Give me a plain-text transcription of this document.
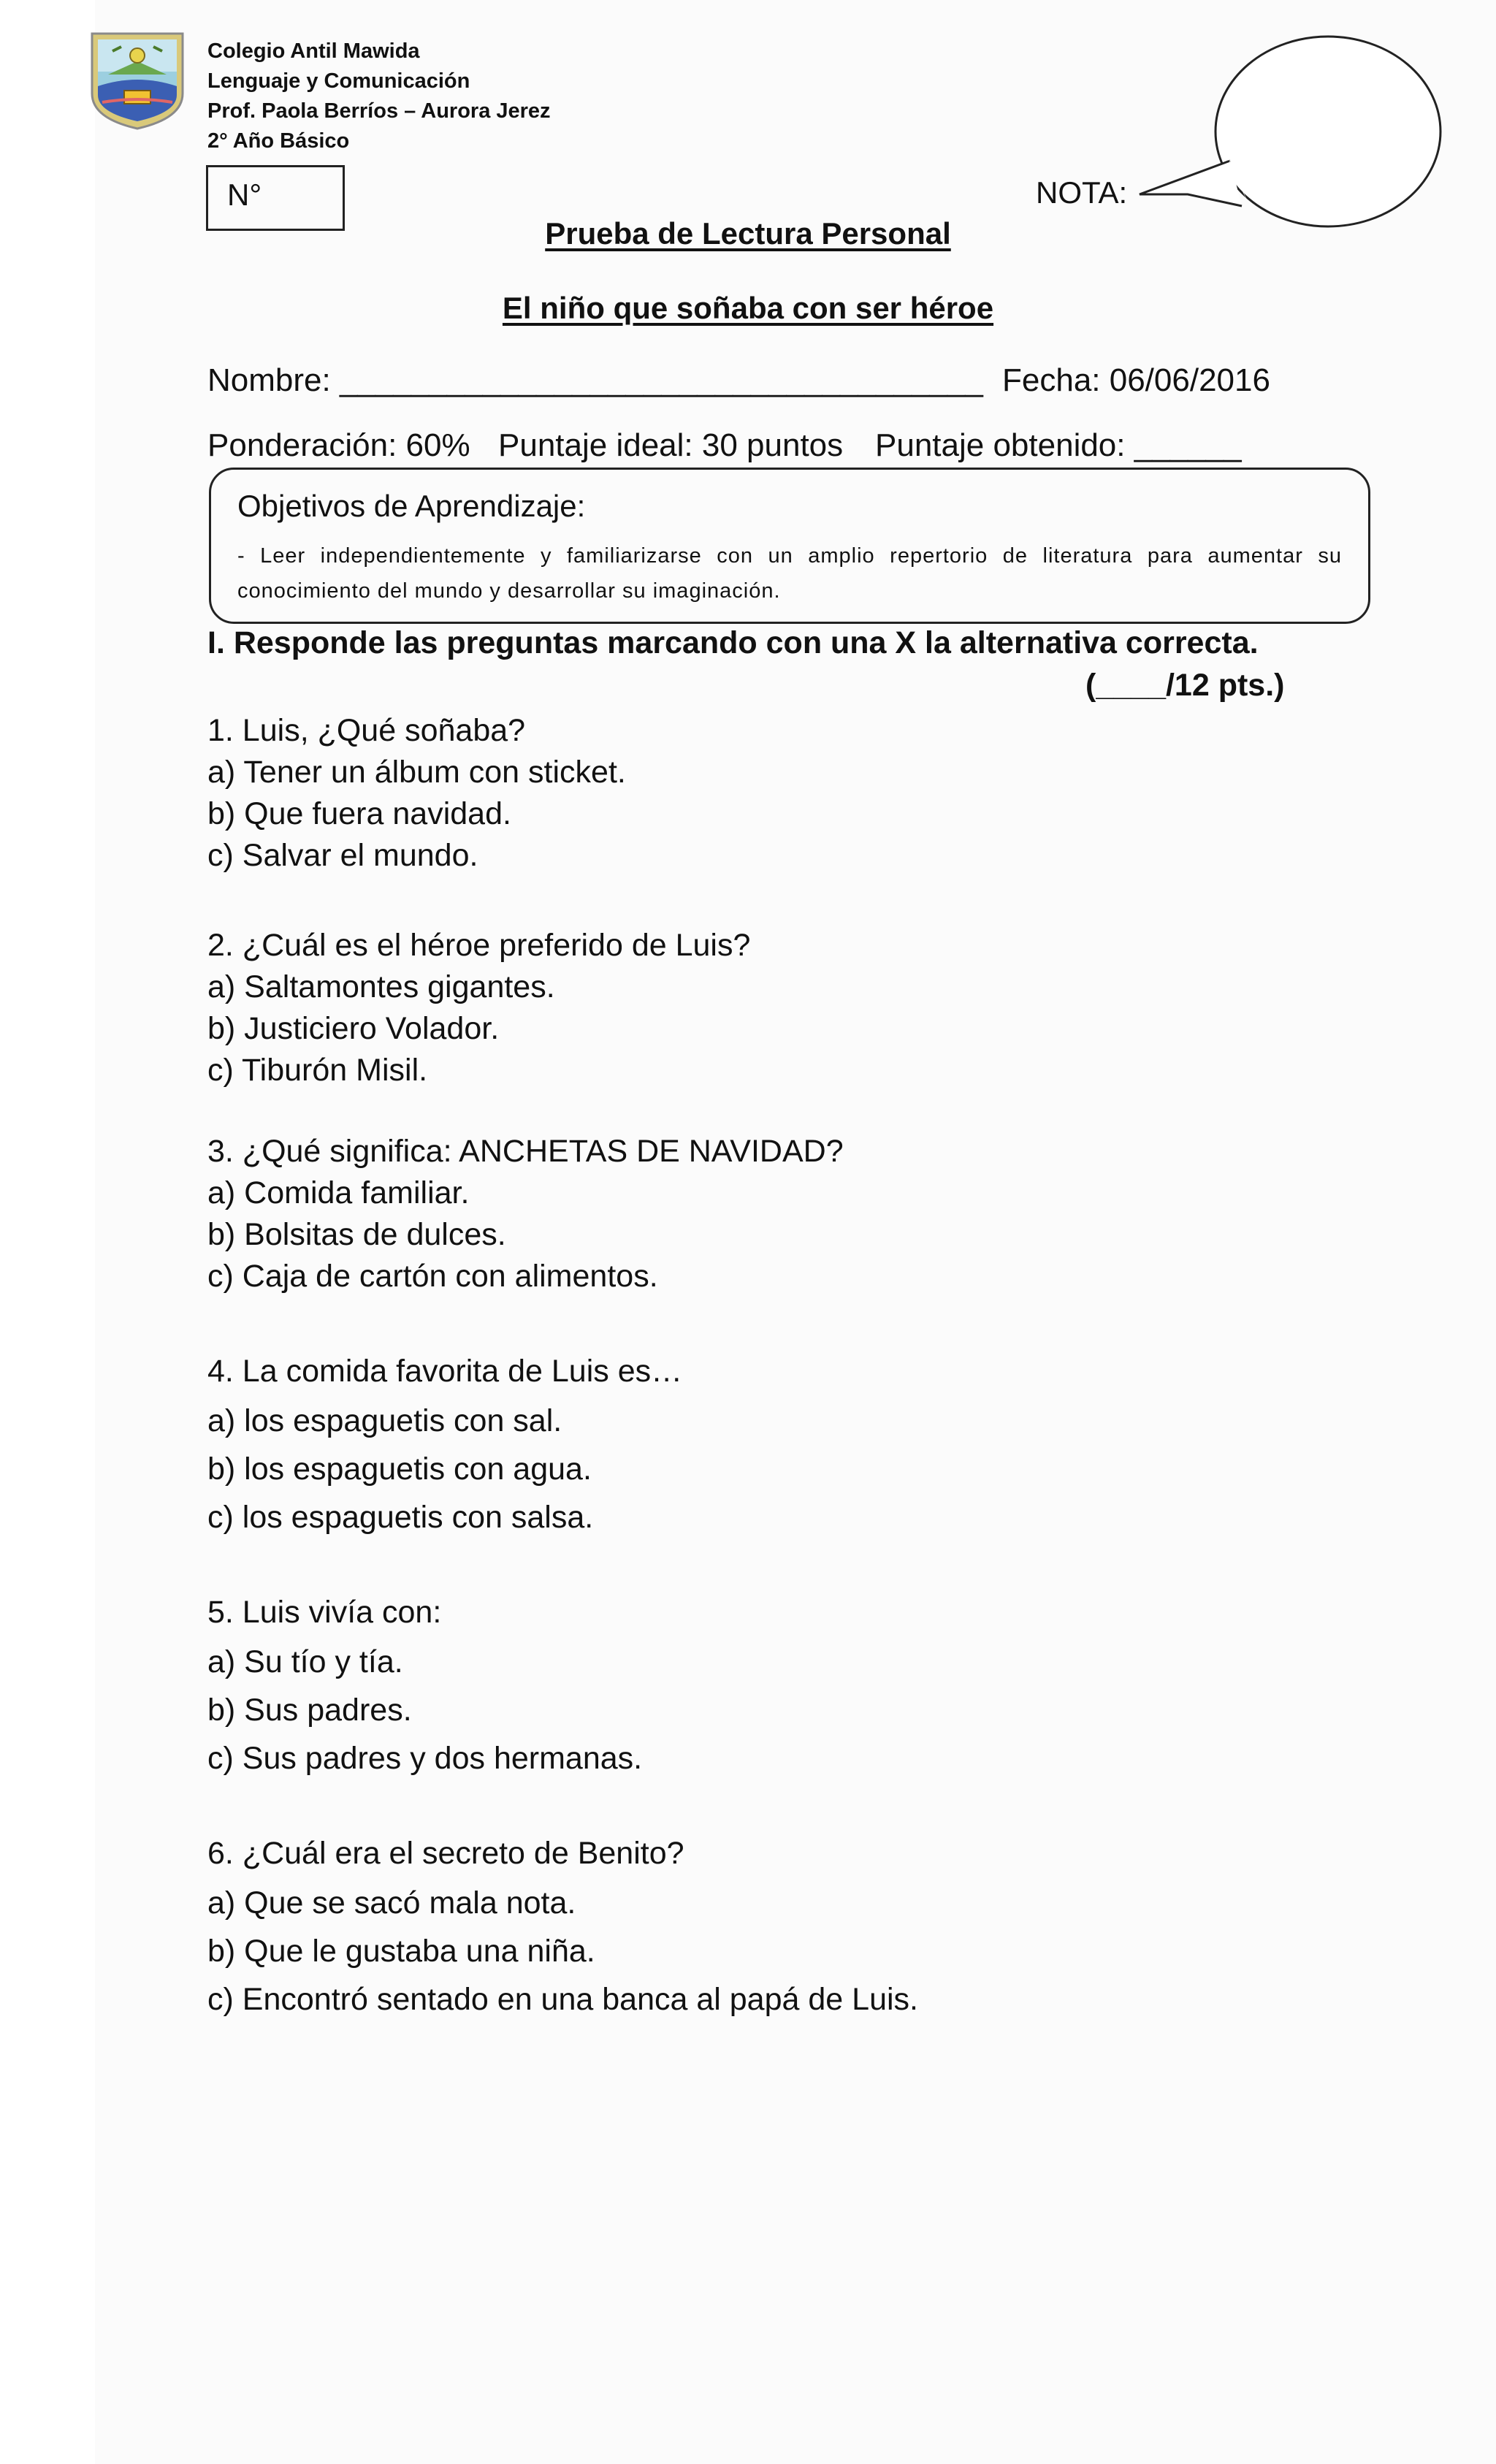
Colegio Antil Mawida
Lenguaje y Comunicación
Prof. Paola Berríos – Aurora Jerez
2° Año Básico
N°	NOTA:
Prueba de Lectura Personal
El niño que soñaba con ser héroe
Nombre: ____________________________________ Fecha: 06/06/2016
Ponderación: 60% Puntaje ideal: 30 puntos Puntaje obtenido: ______
Objetivos de Aprendizaje:
- Leer independientemente y familiarizarse con un amplio repertorio de literatura para aumentar su conocimiento del mundo y desarrollar su imaginación.
I. Responde las preguntas marcando con una X la alternativa correcta.
(____/12 pts.)
1. Luis, ¿Qué soñaba?
a) Tener un álbum con sticket.
b) Que fuera navidad.
c) Salvar el mundo.
2. ¿Cuál es el héroe preferido de Luis?
a) Saltamontes gigantes.
b) Justiciero Volador.
c) Tiburón Misil.
3. ¿Qué significa: ANCHETAS DE NAVIDAD?
a) Comida familiar.
b) Bolsitas de dulces.
c) Caja de cartón con alimentos.
4. La comida favorita de Luis es…
a) los espaguetis con sal.
b) los espaguetis con agua.
c) los espaguetis con salsa.
5. Luis vivía con:
a) Su tío y tía.
b) Sus padres.
c) Sus padres y dos hermanas.
6. ¿Cuál era el secreto de Benito?
a) Que se sacó mala nota.
b) Que le gustaba una niña.
c) Encontró sentado en una banca al papá de Luis.
